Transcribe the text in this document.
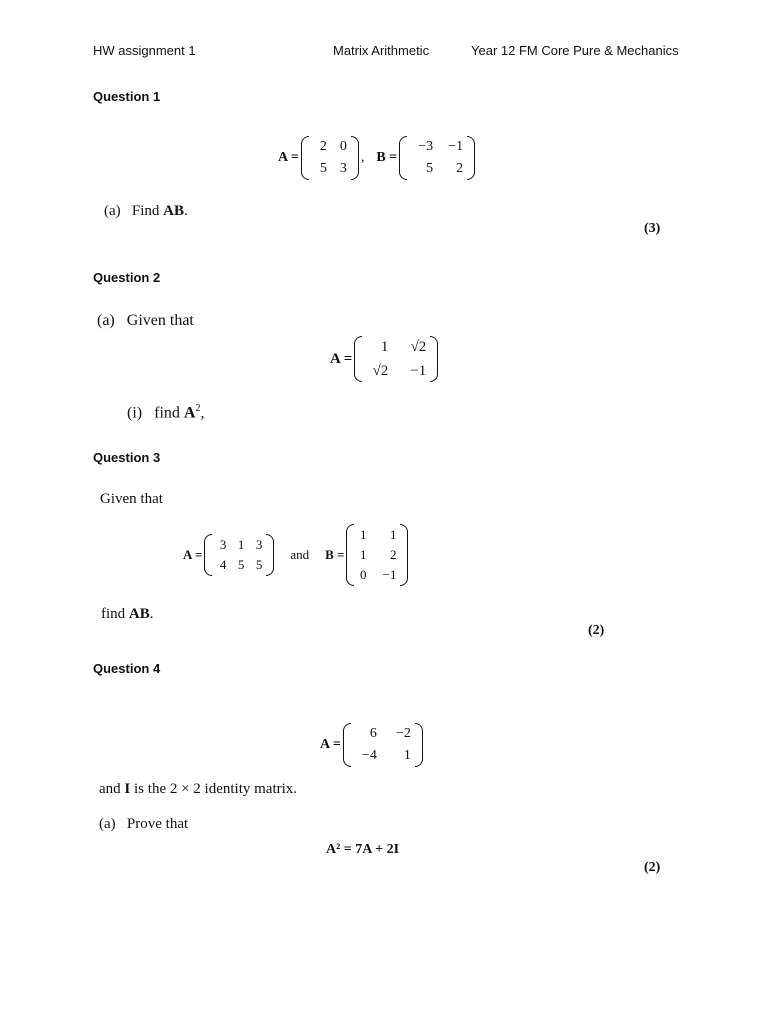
HW assignment 1	Matrix Arithmetic	Year 12 FM Core Pure & Mechanics
Question 1
A =
2 0
5 3
, B =
−3	−1
5	2
(a) Find AB.
(3)
Question 2
(a) Given that
A =
1	√2
√2	−1
(i) find $A^2$,
Question 3
Given that
A =
3 1 3
4 5 5
and B =
1	1
1	2
0	−1
find AB.
(2)
Question 4
A =
6	−2
−4	1
and I is the 2 × 2 identity matrix.
(a) Prove that
A² = 7A + 2I
(2)
